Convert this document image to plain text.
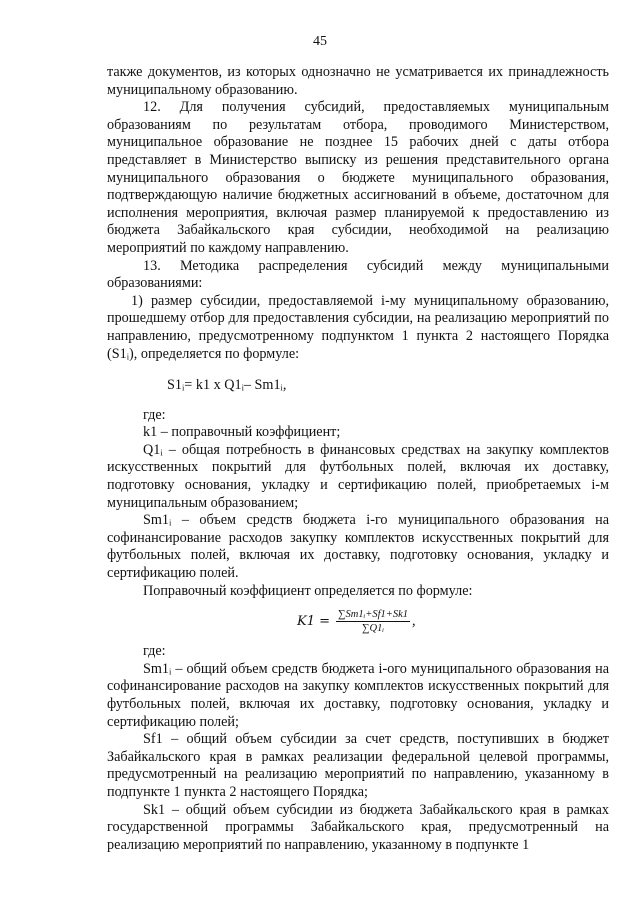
45

также документов, из которых однозначно не усматривается их принадлежность муниципальному образованию.

12. Для получения субсидий, предоставляемых муниципальным образованиям по результатам отбора, проводимого Министерством, муниципальное образование не позднее 15 рабочих дней с даты отбора представляет в Министерство выписку из решения представительного органа муниципального образования о бюджете муниципального образования, подтверждающую наличие бюджетных ассигнований в объеме, достаточном для исполнения мероприятия, включая размер планируемой к предоставлению из бюджета Забайкальского края субсидии, необходимой на реализацию мероприятий по каждому направлению.

13. Методика распределения субсидий между муниципальными образованиями:

1) размер субсидии, предоставляемой i-му муниципальному образованию, прошедшему отбор для предоставления субсидии, на реализацию мероприятий по направлению, предусмотренному подпунктом 1 пункта 2 настоящего Порядка (S1ᵢ), определяется по формуле:

S1ᵢ= k1 x Q1ᵢ– Sm1ᵢ,

где:

k1 – поправочный коэффициент;

Q1ᵢ – общая потребность в финансовых средствах на закупку комплектов искусственных покрытий для футбольных полей, включая их доставку, подготовку основания, укладку и сертификацию полей, приобретаемых i-м муниципальным образованием;

Sm1ᵢ – объем средств бюджета i-го муниципального образования на софинансирование расходов закупку комплектов искусственных покрытий для футбольных полей, включая их доставку, подготовку основания, укладку и сертификацию полей.

Поправочный коэффициент определяется по формуле:

$K1 = \frac{\text{∑Sm1ᵢ+Sf1+Sk1}}{\text{∑Q1ᵢ}}$ ,

где:

Sm1ᵢ – общий объем средств бюджета i-ого муниципального образования на софинансирование расходов на закупку комплектов искусственных покрытий для футбольных полей, включая их доставку, подготовку основания, укладку и сертификацию полей;

Sf1 – общий объем субсидии за счет средств, поступивших в бюджет Забайкальского края в рамках реализации федеральной целевой программы, предусмотренный на реализацию мероприятий по направлению, указанному в подпункте 1 пункта 2 настоящего Порядка;

Sk1 – общий объем субсидии из бюджета Забайкальского края в рамках государственной программы Забайкальского края, предусмотренный на реализацию мероприятий по направлению, указанному в подпункте 1
